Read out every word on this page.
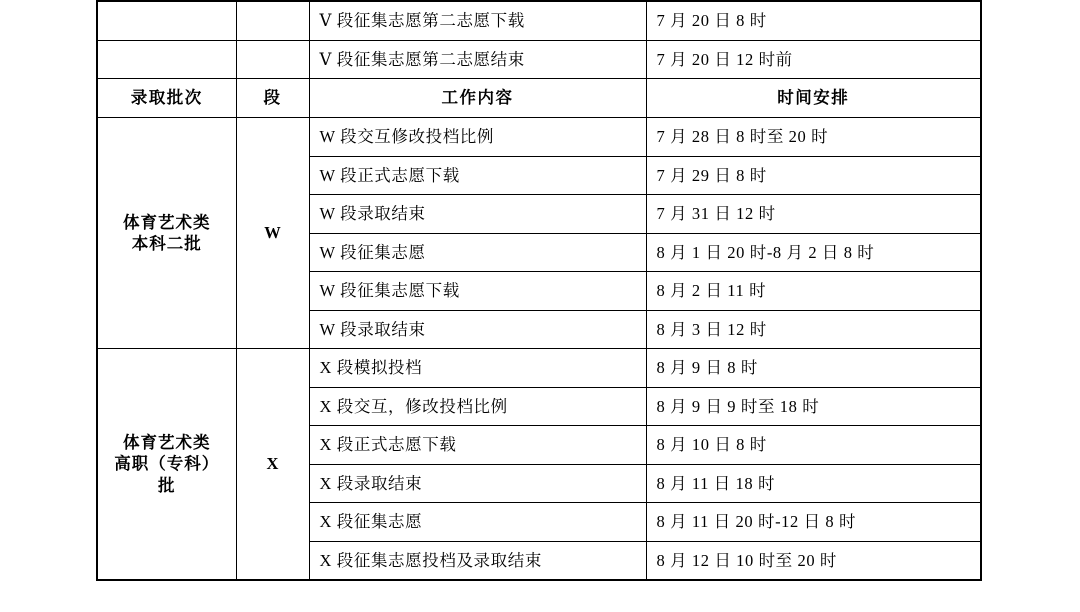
		Ⅴ 段征集志愿第二志愿下载	7 月 20 日 8 时
		Ⅴ 段征集志愿第二志愿结束	7 月 20 日 12 时前
录取批次	段	工作内容	时间安排

体育艺术类
本科二批	W	W 段交互修改投档比例	7 月 28 日 8 时至 20 时
		W 段正式志愿下载	7 月 29 日 8 时
		W 段录取结束	7 月 31 日 12 时
		W 段征集志愿	8 月 1 日 20 时-8 月 2 日 8 时
		W 段征集志愿下载	8 月 2 日 11 时
		W 段录取结束	8 月 3 日 12 时

体育艺术类
高职（专科）批	X	X 段模拟投档	8 月 9 日 8 时
		X 段交互，修改投档比例	8 月 9 日 9 时至 18 时
		X 段正式志愿下载	8 月 10 日 8 时
		X 段录取结束	8 月 11 日 18 时
		X 段征集志愿	8 月 11 日 20 时-12 日 8 时
		X 段征集志愿投档及录取结束	8 月 12 日 10 时至 20 时
